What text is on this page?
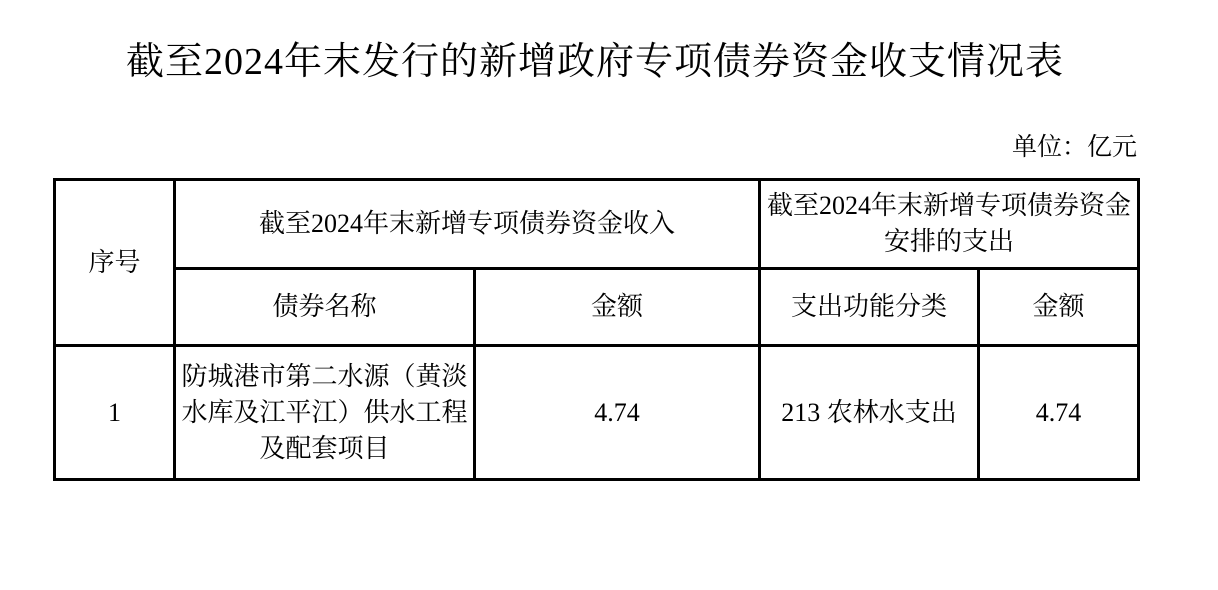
截至2024年末发行的新增政府专项债券资金收支情况表
单位：亿元
序号	截至2024年末新增专项债券资金收入		截至2024年末新增专项债券资金安排的支出	
	债券名称	金额	支出功能分类	金额
1	防城港市第二水源（黄淡水库及江平江）供水工程及配套项目	4.74	213 农林水支出	4.74
